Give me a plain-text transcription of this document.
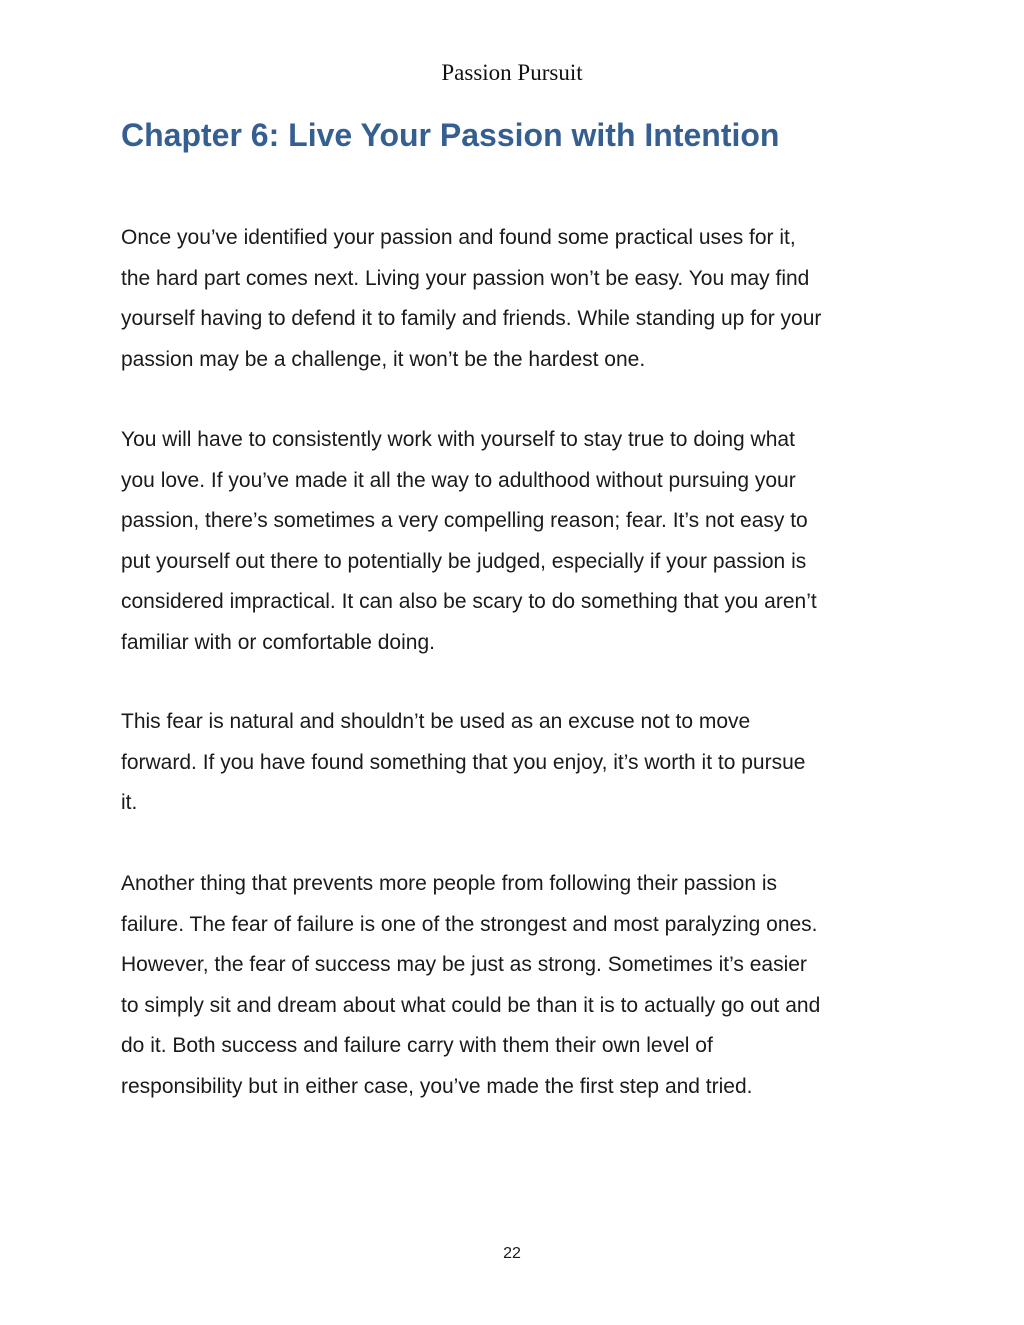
Passion Pursuit
Chapter 6: Live Your Passion with Intention
Once you’ve identified your passion and found some practical uses for it,
the hard part comes next. Living your passion won’t be easy. You may find
yourself having to defend it to family and friends. While standing up for your
passion may be a challenge, it won’t be the hardest one.
You will have to consistently work with yourself to stay true to doing what
you love. If you’ve made it all the way to adulthood without pursuing your
passion, there’s sometimes a very compelling reason; fear. It’s not easy to
put yourself out there to potentially be judged, especially if your passion is
considered impractical. It can also be scary to do something that you aren’t
familiar with or comfortable doing.
This fear is natural and shouldn’t be used as an excuse not to move
forward. If you have found something that you enjoy, it’s worth it to pursue
it.
Another thing that prevents more people from following their passion is
failure. The fear of failure is one of the strongest and most paralyzing ones.
However, the fear of success may be just as strong. Sometimes it’s easier
to simply sit and dream about what could be than it is to actually go out and
do it. Both success and failure carry with them their own level of
responsibility but in either case, you’ve made the first step and tried.
22
